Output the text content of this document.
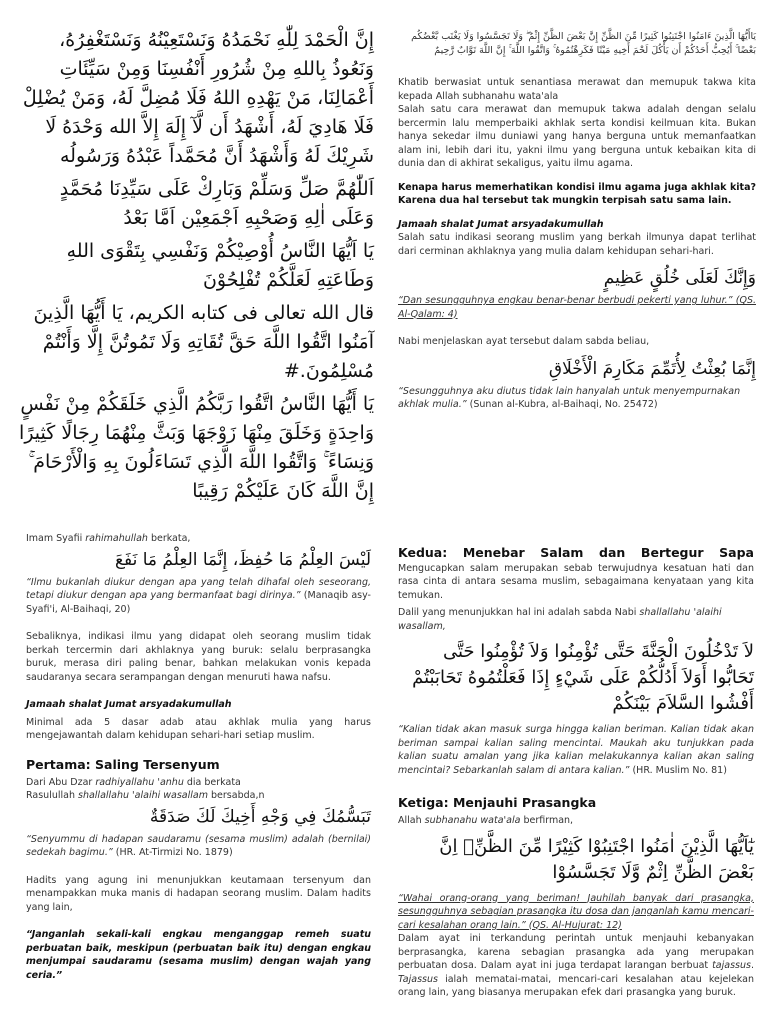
إِنَّ الْحَمْدَ لِلّٰهِ نَحْمَدُهُ وَنَسْتَعِيْنُهُ وَنَسْتَغْفِرُهُ، وَنَعُوذُ بِاللهِ مِنْ شُرُورِ أَنْفُسِنَا وَمِنْ سَيِّئَاتِ أَعْمَالِنَا، مَنْ يَهْدِهِ اللهُ فَلَا مُضِلَّ لَهُ، وَمَنْ يُضْلِلْ فَلَا هَادِيَ لَهُ، أَشْهَدُ أَن لَّآ إِلَهَ إِلاَّ الله وَحْدَهُ لَا شَرِيْكَ لَهُ وَأَشْهَدُ أَنَّ مُحَمَّداً عَبْدُهُ وَرَسُولُه
اَللّٰهُمَّ صَلِّ وَسَلِّمْ وَبَارِكْ عَلَى سَيِّدِنَا مُحَمَّدٍ وَعَلَى اٰلِهِ وَصَحْبِهِ اَجْمَعِيْن اَمَّا بَعْدُ
يَا اَيُّهَا النَّاسُ أُوْصِيْكُمْ وَنَفْسِي بِتَقْوَى اللهِ وَطَاعَتِهِ لَعَلَّكُمْ تُفْلِحُوْنَ
قال الله تعالى فى كتابه الكريم، يَا أَيُّهَا الَّذِينَ آمَنُوا اتَّقُوا اللَّهَ حَقَّ تُقَاتِهِ وَلَا تَمُوتُنَّ إِلَّا وَأَنْتُمْ مُسْلِمُونَ.#
يَا أَيُّهَا النَّاسُ اتَّقُوا رَبَّكُمُ الَّذِي خَلَقَكُمْ مِنْ نَفْسٍ وَاحِدَةٍ وَخَلَقَ مِنْهَا زَوْجَهَا وَبَثَّ مِنْهُمَا رِجَالًا كَثِيرًا وَنِسَاءً ۚ وَاتَّقُوا اللَّهَ الَّذِي تَسَاءَلُونَ بِهِ وَالْأَرْحَامَ ۚ إِنَّ اللَّهَ كَانَ عَلَيْكُمْ رَقِيبًا
يَاأَيُّهَا الَّذِينَ ءَامَنُوا اجْتَنِبُوا كَثِيرًا مِّنَ الظَّنِّ إِنَّ بَعْضَ الظَّنِّ إِثْمٌ ۖ وَلَا تَجَسَّسُوا وَلَا يَغْتَب بَّعْضُكُم بَعْضًا ۚ أَيُحِبُّ أَحَدُكُمْ أَن يَأْكُلَ لَحْمَ أَخِيهِ مَيْتًا فَكَرِهْتُمُوهُ ۚ وَاتَّقُوا اللَّهَ ۚ إِنَّ اللَّهَ تَوَّابٌ رَّحِيمٌ

Khatib berwasiat untuk senantiasa merawat dan memupuk takwa kita kepada Allah subhanahu wata'ala

Salah satu cara merawat dan memupuk takwa adalah dengan selalu bercermin lalu memperbaiki akhlak serta kondisi keilmuan kita. Bukan hanya sekedar ilmu duniawi yang hanya berguna untuk memanfaatkan alam ini, lebih dari itu, yakni ilmu yang berguna untuk kebaikan kita di dunia dan di akhirat sekaligus, yaitu ilmu agama.

Kenapa harus memerhatikan kondisi ilmu agama juga akhlak kita? Karena dua hal tersebut tak mungkin terpisah satu sama lain.

Jamaah shalat Jumat arsyadakumullah

Salah satu indikasi seorang muslim yang berkah ilmunya dapat terlihat dari cerminan akhlaknya yang mulia dalam kehidupan sehari-hari.

وَإِنَّكَ لَعَلَى خُلُقٍ عَظِيمٍ

“Dan sesungguhnya engkau benar-benar berbudi pekerti yang luhur.” (QS. Al-Qalam: 4)

Nabi menjelaskan ayat tersebut dalam sabda beliau,

إِنَّمَا بُعِثْتُ لِأُتَمِّمَ مَكَارِمَ الْأَخْلَاقِ

“Sesungguhnya aku diutus tidak lain hanyalah untuk menyempurnakan akhlak mulia.” (Sunan al-Kubra, al-Baihaqi, No. 25472)

Imam Syafii rahimahullah berkata,

لَيْسَ العِلْمُ مَا حُفِظَ، إِنَّمَا العِلْمُ مَا نَفَعَ

“Ilmu bukanlah diukur dengan apa yang telah dihafal oleh seseorang, tetapi diukur dengan apa yang bermanfaat bagi dirinya.” (Manaqib asy-Syafi'i, Al-Baihaqi, 20)

Sebaliknya, indikasi ilmu yang didapat oleh seorang muslim tidak berkah tercermin dari akhlaknya yang buruk: selalu berprasangka buruk, merasa diri paling benar, bahkan melakukan vonis kepada saudaranya secara serampangan dengan menuruti hawa nafsu.

Jamaah shalat Jumat arsyadakumullah

Minimal ada 5 dasar adab atau akhlak mulia yang harus mengejawantah dalam kehidupan sehari-hari setiap muslim.

Pertama: Saling Tersenyum

Dari Abu Dzar radhiyallahu 'anhu dia berkata

Rasulullah shallallahu 'alaihi wasallam bersabda,n

تَبَسُّمُكَ فِي وَجْهِ أَخِيكَ لَكَ صَدَقَةٌ

“Senyummu di hadapan saudaramu (sesama muslim) adalah (bernilai) sedekah bagimu.” (HR. At-Tirmizi No. 1879)

Hadits yang agung ini menunjukkan keutamaan tersenyum dan menampakkan muka manis di hadapan seorang muslim. Dalam hadits yang lain,

“Janganlah sekali-kali engkau menganggap remeh suatu perbuatan baik, meskipun (perbuatan baik itu) dengan engkau menjumpai saudaramu (sesama muslim) dengan wajah yang ceria.”

Kedua: Menebar Salam dan Bertegur Sapa Mengucapkan salam merupakan sebab terwujudnya kesatuan hati dan rasa cinta di antara sesama muslim, sebagaimana kenyataan yang kita temukan.

Dalil yang menunjukkan hal ini adalah sabda Nabi shallallahu 'alaihi wasallam,

لاَ تَدْخُلُونَ الْجَنَّةَ حَتَّى تُؤْمِنُوا وَلاَ تُؤْمِنُوا حَتَّى تَحَابُّوا أَوَلاَ أَدُلُّكُمْ عَلَى شَيْءٍ إِذَا فَعَلْتُمُوهُ تَحَابَبْتُمْ أَفْشُوا السَّلاَمَ بَيْنَكُمْ

“Kalian tidak akan masuk surga hingga kalian beriman. Kalian tidak akan beriman sampai kalian saling mencintai. Maukah aku tunjukkan pada kalian suatu amalan yang jika kalian melakukannya kalian akan saling mencintai? Sebarkanlah salam di antara kalian.” (HR. Muslim No. 81)

Ketiga: Menjauhi Prasangka

Allah subhanahu wata'ala berfirman,

يٰٓاَيُّهَا الَّذِيْنَ اٰمَنُوا اجْتَنِبُوْا كَثِيْرًا مِّنَ الظَّنِّۖ اِنَّ بَعْضَ الظَّنِّ اِثْمٌ وَّلَا تَجَسَّسُوْا

“Wahai orang-orang yang beriman! Jauhilah banyak dari prasangka, sesungguhnya sebagian prasangka itu dosa dan janganlah kamu mencari-cari kesalahan orang lain.” (QS. Al-Hujurat: 12)

Dalam ayat ini terkandung perintah untuk menjauhi kebanyakan berprasangka, karena sebagian prasangka ada yang merupakan perbuatan dosa. Dalam ayat ini juga terdapat larangan berbuat tajassus. Tajassus ialah mematai-matai, mencari-cari kesalahan atau kejelekan orang lain, yang biasanya merupakan efek dari prasangka yang buruk.
